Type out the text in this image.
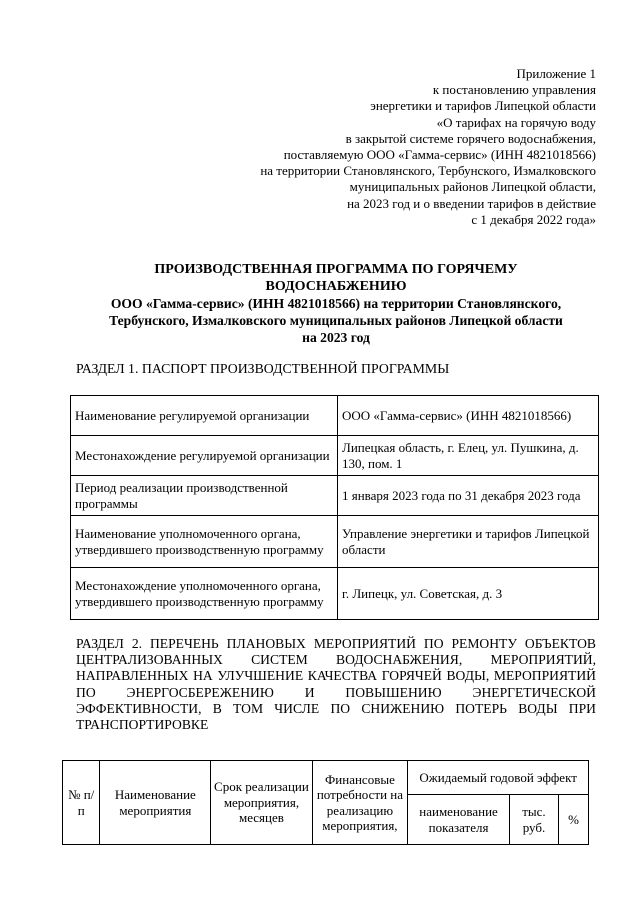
Приложение 1
к постановлению управления
энергетики и тарифов Липецкой области
«О тарифах на горячую воду
в закрытой системе горячего водоснабжения,
поставляемую ООО «Гамма-сервис» (ИНН 4821018566)
на территории Становлянского, Тербунского, Измалковского
муниципальных районов Липецкой области,
на 2023 год и о введении тарифов в действие
с 1 декабря 2022 года»
ПРОИЗВОДСТВЕННАЯ ПРОГРАММА ПО ГОРЯЧЕМУ
ВОДОСНАБЖЕНИЮ
ООО «Гамма-сервис» (ИНН 4821018566) на территории Становлянского,
Тербунского, Измалковского муниципальных районов Липецкой области
на 2023 год
РАЗДЕЛ 1. ПАСПОРТ ПРОИЗВОДСТВЕННОЙ ПРОГРАММЫ
Наименование регулируемой организации	ООО «Гамма-сервис» (ИНН 4821018566)
Местонахождение регулируемой организации	Липецкая область, г. Елец, ул. Пушкина, д. 130, пом. 1
Период реализации производственной программы	1 января 2023 года по 31 декабря 2023 года
Наименование уполномоченного органа, утвердившего производственную программу	Управление энергетики и тарифов Липецкой области
Местонахождение уполномоченного органа, утвердившего производственную программу	г. Липецк, ул. Советская, д. 3
РАЗДЕЛ 2. ПЕРЕЧЕНЬ ПЛАНОВЫХ МЕРОПРИЯТИЙ ПО РЕМОНТУ ОБЪЕКТОВ ЦЕНТРАЛИЗОВАННЫХ СИСТЕМ ВОДОСНАБЖЕНИЯ, МЕРОПРИЯТИЙ, НАПРАВЛЕННЫХ НА УЛУЧШЕНИЕ КАЧЕСТВА ГОРЯЧЕЙ ВОДЫ, МЕРОПРИЯТИЙ ПО ЭНЕРГОСБЕРЕЖЕНИЮ И ПОВЫШЕНИЮ ЭНЕРГЕТИЧЕСКОЙ ЭФФЕКТИВНОСТИ, В ТОМ ЧИСЛЕ ПО СНИЖЕНИЮ ПОТЕРЬ ВОДЫ ПРИ ТРАНСПОРТИРОВКЕ
№ п/п	Наименование мероприятия	Срок реализации мероприятия, месяцев	Финансовые потребности на реализацию мероприятия,	Ожидаемый годовой эффект		
				наименование показателя	тыс. руб.	%
